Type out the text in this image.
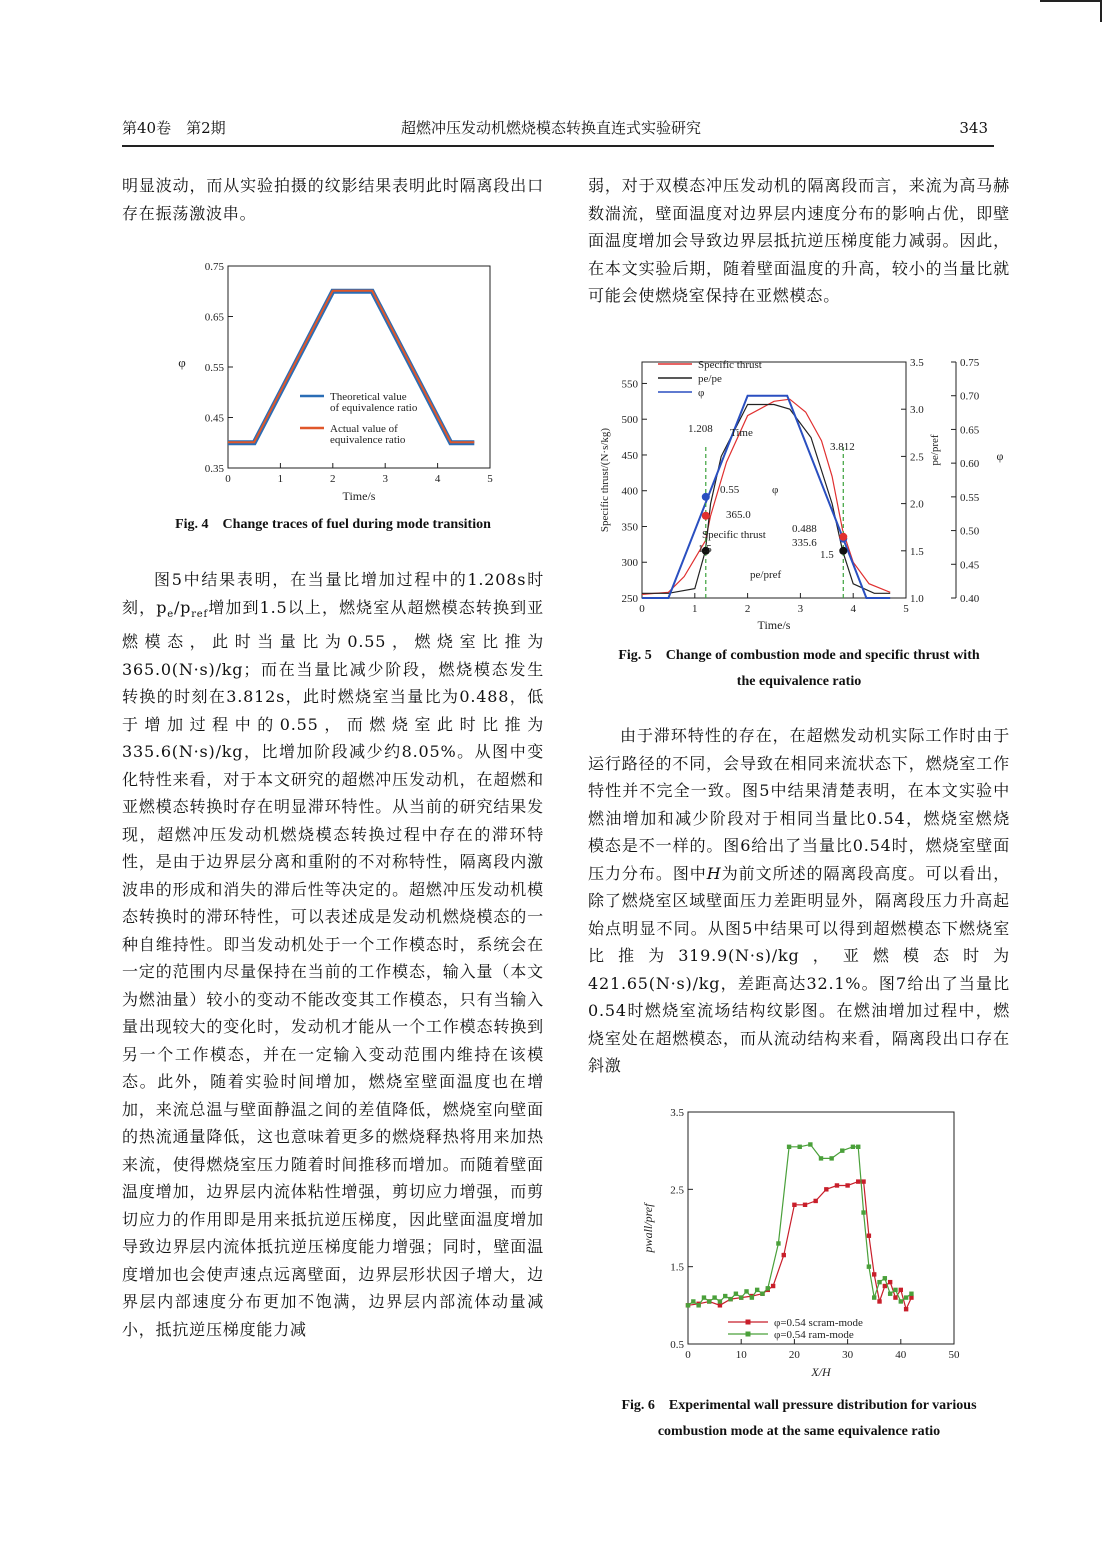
第40卷　第2期	超燃冲压发动机燃烧模态转换直连式实验研究	343

明显波动，而从实验拍摄的纹影结果表明此时隔离段出口存在振荡激波串。

0	1	2	3	4	5
0.35
0.45
0.55
0.65
0.75
Time/s
φ
Theoretical value
of equivalence ratio
Actual value of
equivalence ratio
Fig. 4　Change traces of fuel during mode transition

图5中结果表明，在当量比增加过程中的1.208s时刻，$p_e/p_{ref}$增加到1.5以上，燃烧室从超燃模态转换到亚燃模态，此时当量比为0.55，燃烧室比推为365.0(N·s)/kg；而在当量比减少阶段，燃烧模态发生转换的时刻在3.812s，此时燃烧室当量比为0.488，低于增加过程中的0.55，而燃烧室此时比推为335.6(N·s)/kg，比增加阶段减少约8.05%。从图中变化特性来看，对于本文研究的超燃冲压发动机，在超燃和亚燃模态转换时存在明显滞环特性。从当前的研究结果发现，超燃冲压发动机燃烧模态转换过程中存在的滞环特性，是由于边界层分离和重附的不对称特性，隔离段内激波串的形成和消失的滞后性等决定的。超燃冲压发动机模态转换时的滞环特性，可以表述成是发动机燃烧模态的一种自维持性。即当发动机处于一个工作模态时，系统会在一定的范围内尽量保持在当前的工作模态，输入量（本文为燃油量）较小的变动不能改变其工作模态，只有当输入量出现较大的变化时，发动机才能从一个工作模态转换到另一个工作模态，并在一定输入变动范围内维持在该模态。此外，随着实验时间增加，燃烧室壁面温度也在增加，来流总温与壁面静温之间的差值降低，燃烧室向壁面的热流通量降低，这也意味着更多的燃烧释热将用来加热来流，使得燃烧室压力随着时间推移而增加。而随着壁面温度增加，边界层内流体粘性增强，剪切应力增强，而剪切应力的作用即是用来抵抗逆压梯度，因此壁面温度增加导致边界层内流体抵抗逆压梯度能力增强；同时，壁面温度增加也会使声速点远离壁面，边界层形状因子增大，边界层内部速度分布更加不饱满，边界层内部流体动量减小，抵抗逆压梯度能力减

弱，对于双模态冲压发动机的隔离段而言，来流为高马赫数湍流，壁面温度对边界层内速度分布的影响占优，即壁面温度增加会导致边界层抵抗逆压梯度能力减弱。因此，在本文实验后期，随着壁面温度的升高，较小的当量比就可能会使燃烧室保持在亚燃模态。

0	1	2	3	4	5
Time/s
250
300
350
400
450
500
550
Specific thrust/(N·s/kg)
1.0
1.5
2.0
2.5
3.0
3.5
pe/pref
0.40
0.45
0.50
0.55
0.60
0.65
0.70
0.75
φ
Specific thrust
pe/pe
φ
1.208
3.812
Time
0.55	φ
365.0
0.488
Specific thrust
335.6
1.5	1.5
pe/pref
Fig. 5　Change of combustion mode and specific thrust with
the equivalence ratio

由于滞环特性的存在，在超燃发动机实际工作时由于运行路径的不同，会导致在相同来流状态下，燃烧室工作特性并不完全一致。图5中结果清楚表明，在本文实验中燃油增加和减少阶段对于相同当量比0.54，燃烧室燃烧模态是不一样的。图6给出了当量比0.54时，燃烧室壁面压力分布。图中H为前文所述的隔离段高度。可以看出，除了燃烧室区域壁面压力差距明显外，隔离段压力升高起始点明显不同。从图5中结果可以得到超燃模态下燃烧室比推为319.9(N·s)/kg，亚燃模态时为421.65(N·s)/kg，差距高达32.1%。图7给出了当量比0.54时燃烧室流场结构纹影图。在燃油增加过程中，燃烧室处在超燃模态，而从流动结构来看，隔离段出口存在斜激

0	10	20	30	40	50
X/H
0.5
1.5
2.5
3.5
pwall/pref
φ=0.54 scram-mode
φ=0.54 ram-mode
Fig. 6　Experimental wall pressure distribution for various
combustion mode at the same equivalence ratio
